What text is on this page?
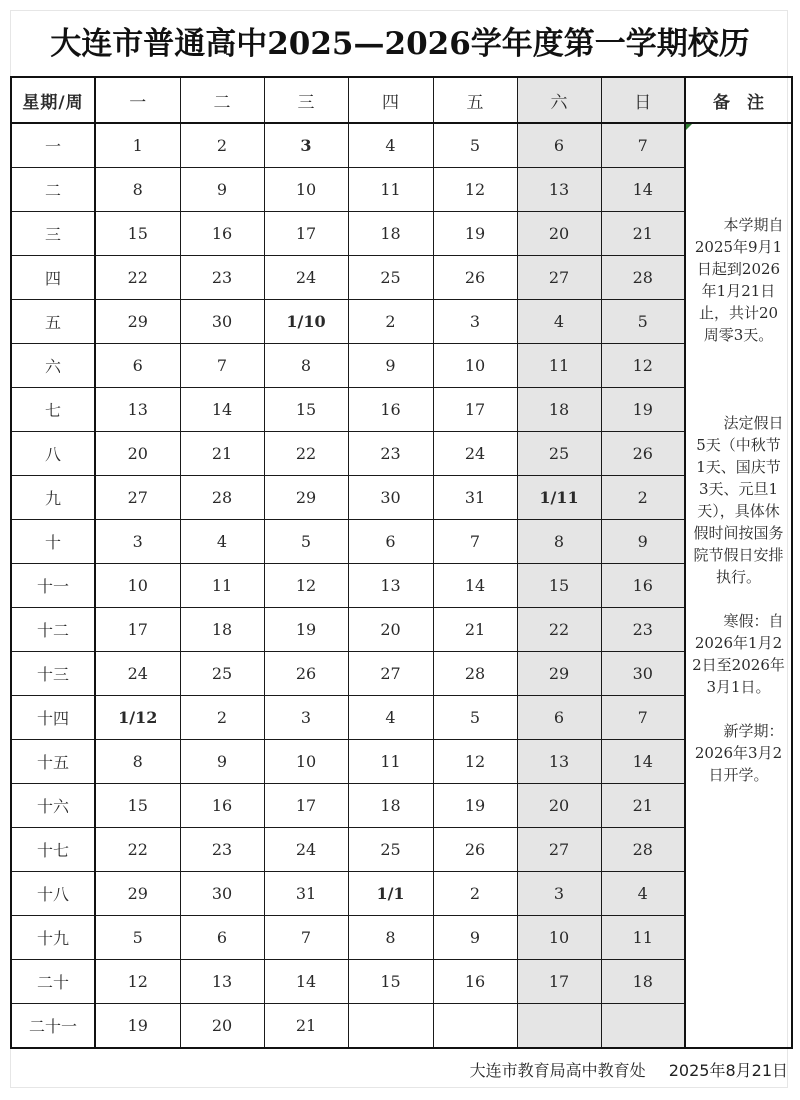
大连市普通高中2025—2026学年度第一学期校历
星期/周	一	二	三	四	五	六	日	备　注
一	1	2	3	4	5	6	7	本学期自2025年9月1日起到2026年1月21日止，共计20周零3天。
法定假日5天（中秋节1天、国庆节3天、元旦1天），具体休假时间按国务院节假日安排执行。
寒假：自2026年1月22日至2026年3月1日。
新学期：2026年3月2日开学。

二	8	9	10	11	12	13	14	
三	15	16	17	18	19	20	21	
四	22	23	24	25	26	27	28	
五	29	30	1/10	2	3	4	5	
六	6	7	8	9	10	11	12	
七	13	14	15	16	17	18	19	
八	20	21	22	23	24	25	26	
九	27	28	29	30	31	1/11	2	
十	3	4	5	6	7	8	9	
十一	10	11	12	13	14	15	16	
十二	17	18	19	20	21	22	23	
十三	24	25	26	27	28	29	30	
十四	1/12	2	3	4	5	6	7	
十五	8	9	10	11	12	13	14	
十六	15	16	17	18	19	20	21	
十七	22	23	24	25	26	27	28	
十八	29	30	31	1/1	2	3	4	
十九	5	6	7	8	9	10	11	
二十	12	13	14	15	16	17	18	
二十一	19	20	21					
大连市教育局高中教育处 2025年8月21日
